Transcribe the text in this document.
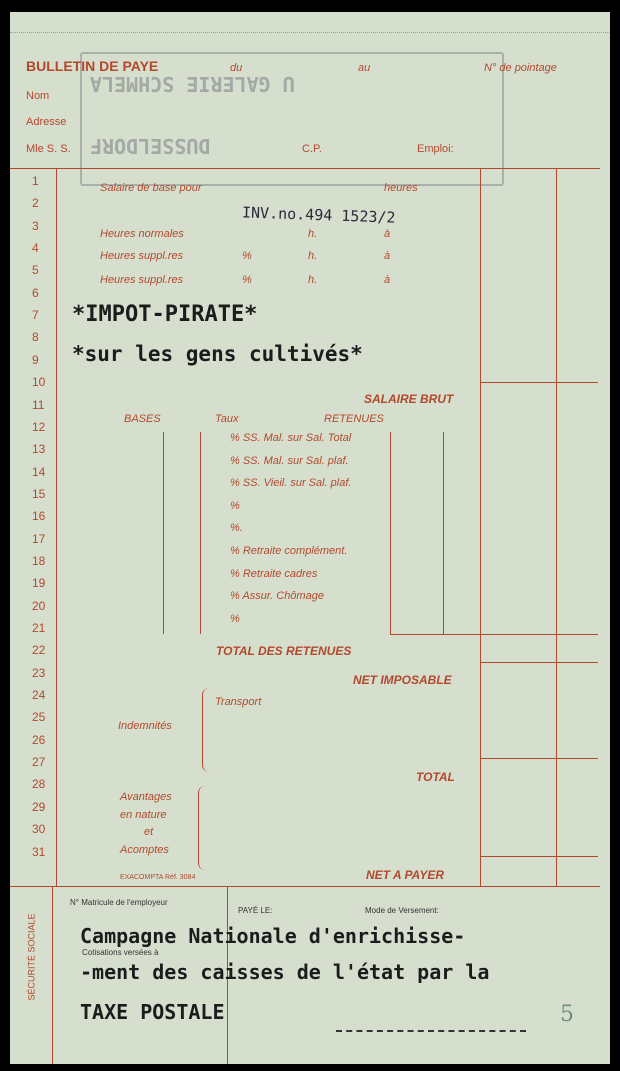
U GALERIE SCHMELA
DUSSELDORF
BULLETIN DE PAYE	du	au	N° de pointage
Nom
Adresse
Mle S. S.	C.P.	Emploi:
1
2
3
4
5
6
7
8
9
10
11
12
13
14
15
16
17
18
19
20
21
22
23
24
25
26
27
28
29
30
31
Salaire de base pour	heures
Heures normales	h.	à
Heures suppl.res	%	h.	à
Heures suppl.res	%	h.	à
INV.no.494 1523/2
*IMPOT-PIRATE*
*sur les gens cultivés*
SALAIRE BRUT
BASES	Taux	RETENUES
% SS. Mal. sur Sal. Total
% SS. Mal. sur Sal. plaf.
% SS. Vieil. sur Sal. plaf.
%
%.
% Retraite complément.
% Retraite cadres
% Assur. Chômage
%
TOTAL DES RETENUES
NET IMPOSABLE
Transport
Indemnités
TOTAL
Avantages
en nature
et
Acomptes
EXACOMPTA Réf. 3084	NET A PAYER
SÉCURITÉ SOCIALE
N° Matricule de l'employeur
PAYÉ LE:	Mode de Versement:
Cotisations versées à
Campagne Nationale d'enrichisse-
-ment des caisses de l'état par la
TAXE POSTALE	5
